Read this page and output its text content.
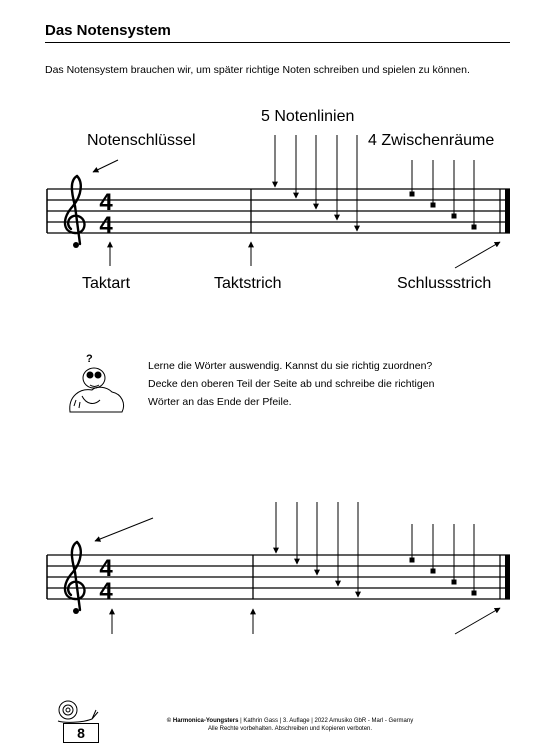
Das Notensystem
Das Notensystem brauchen wir, um später richtige Noten schreiben und spielen zu können.
5 Notenlinien
Notenschlüssel	4 Zwischenräume
Taktart	Taktstrich	Schlussstrich
4
4
?
Lerne die Wörter auswendig. Kannst du sie richtig zuordnen?
Decke den oberen Teil der Seite ab und schreibe die richtigen
Wörter an das Ende der Pfeile.
4
4
8
© Harmonica-Youngsters | Kathrin Gass | 3. Auflage | 2022 Amusiko GbR - Marl - Germany
Alle Rechte vorbehalten. Abschreiben und Kopieren verboten.
